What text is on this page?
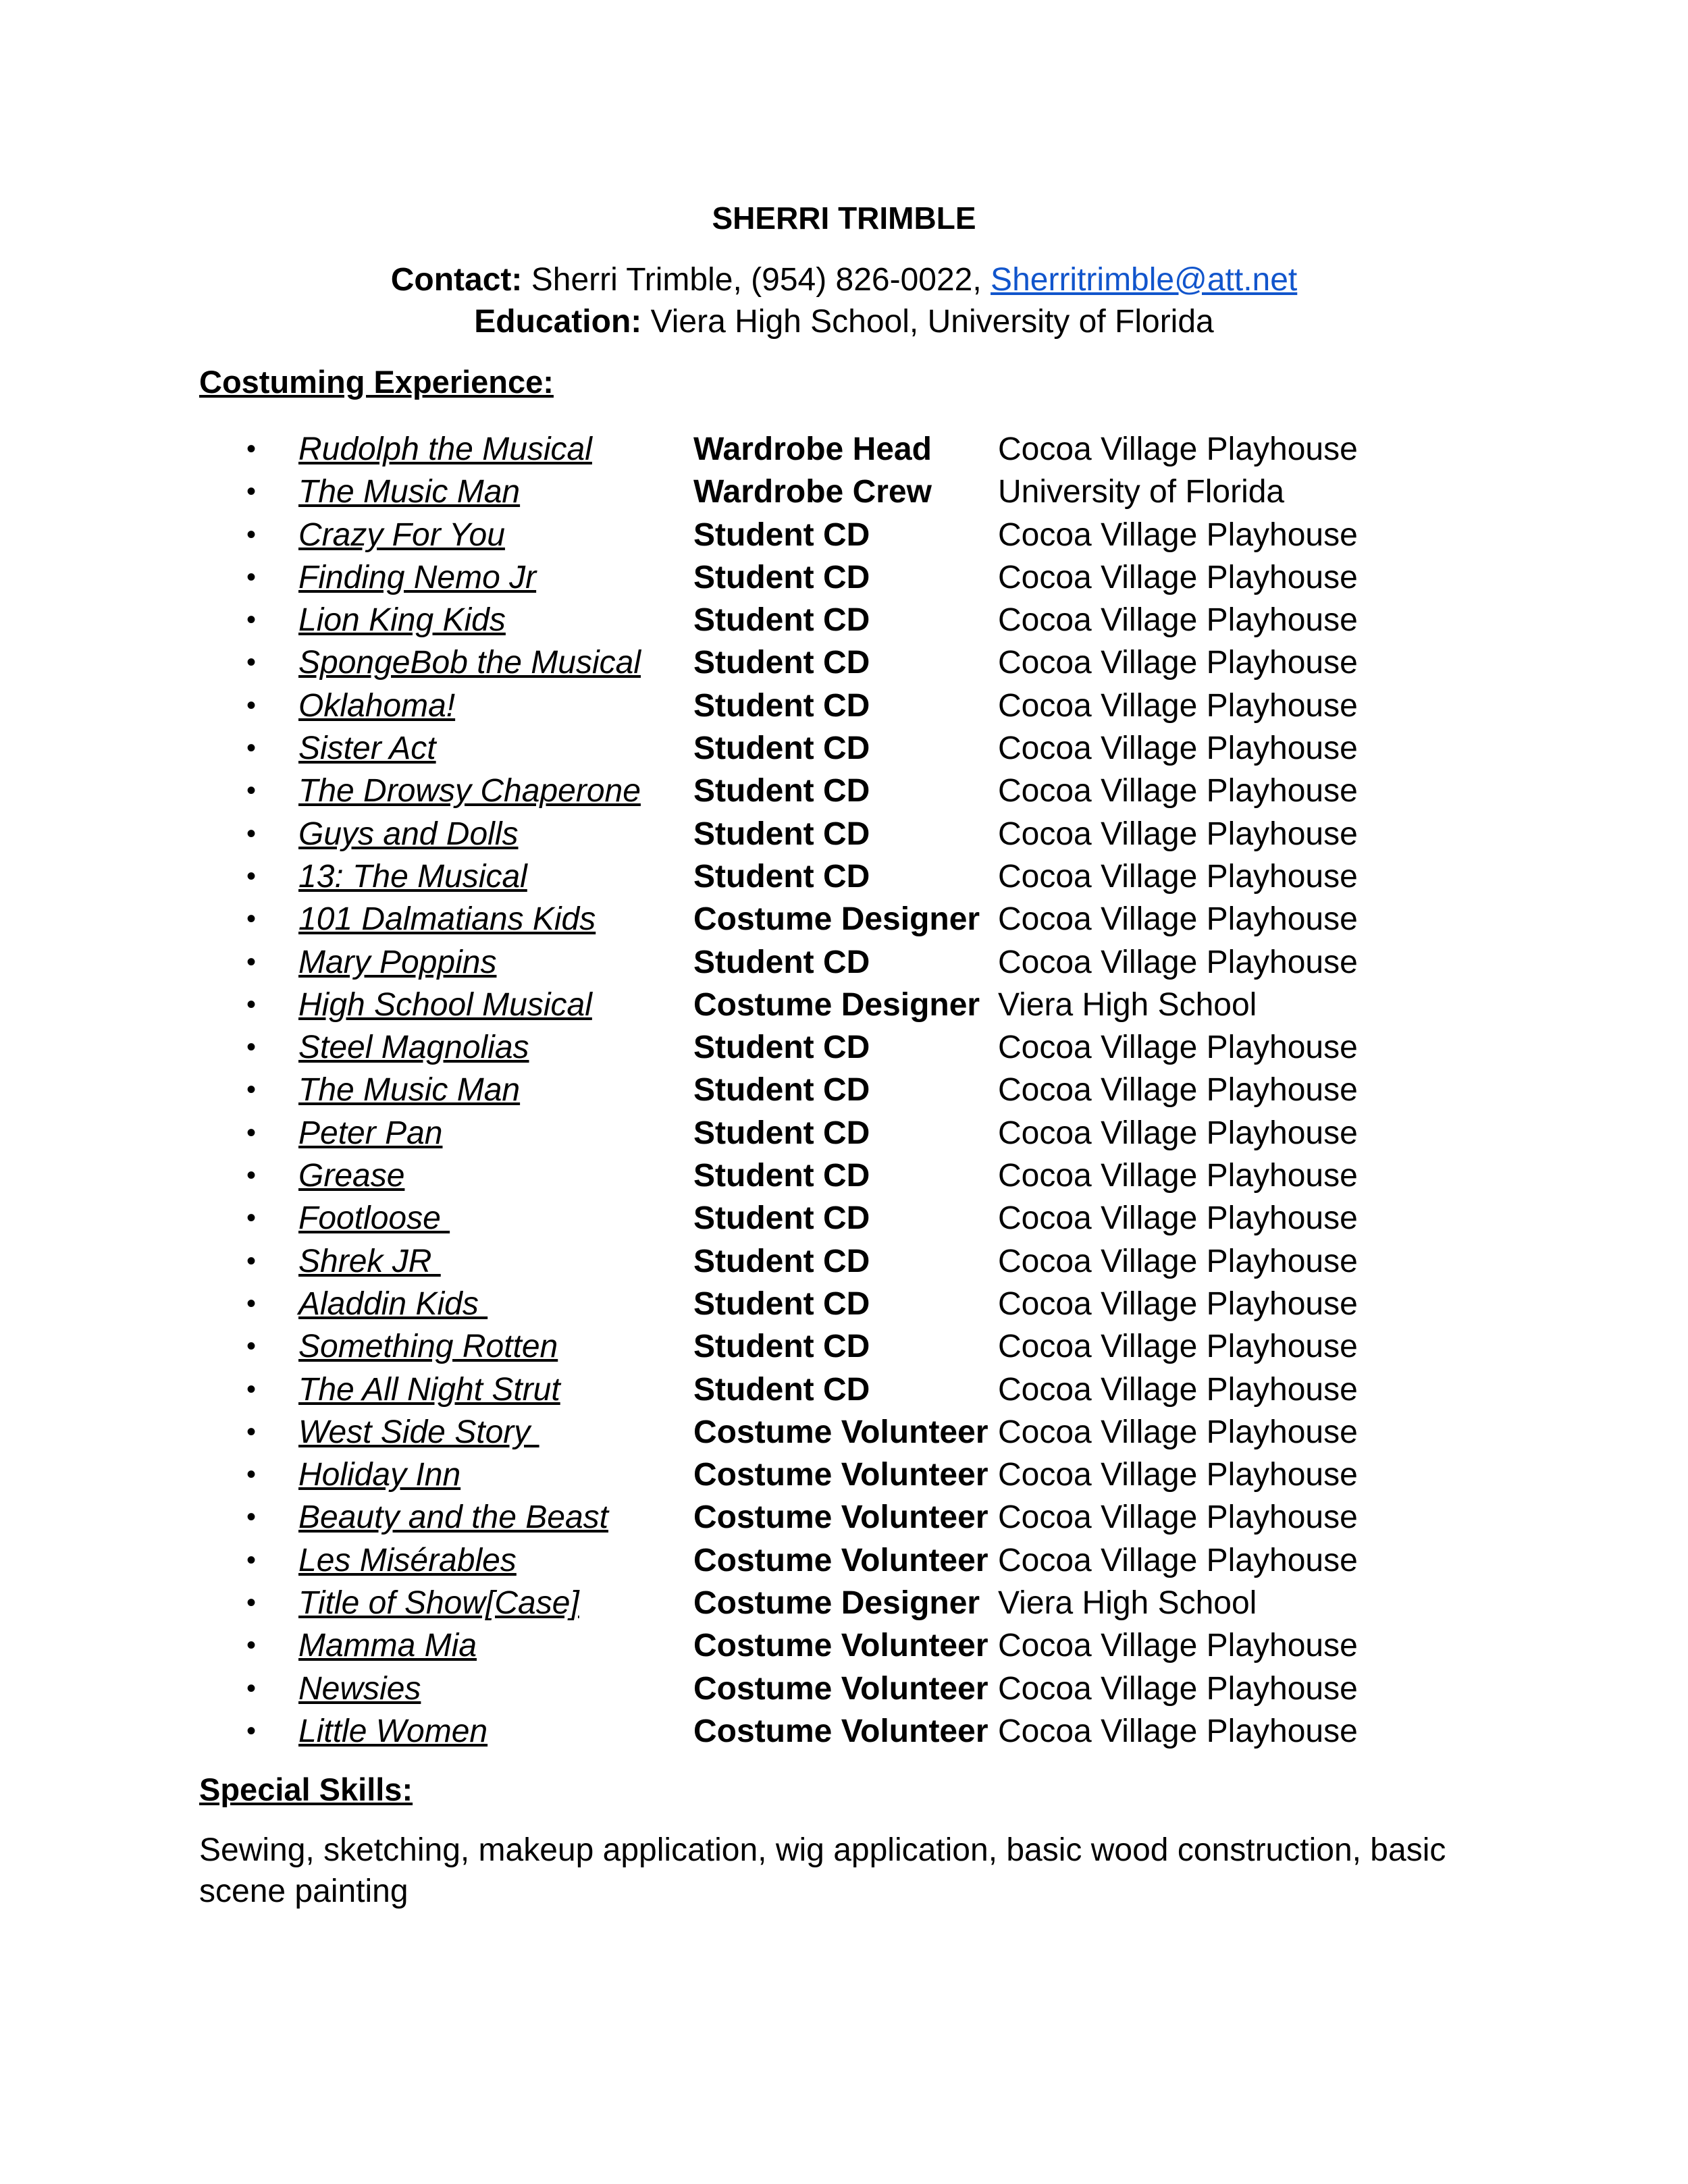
SHERRI TRIMBLE
Contact: Sherri Trimble, (954) 826-0022, Sherritrimble@att.net
Education: Viera High School, University of Florida
Costuming Experience:
• Rudolph the Musical	Wardrobe Head Cocoa Village Playhouse
• The Music Man	Wardrobe Crew University of Florida
• Crazy For You	Student CD	Cocoa Village Playhouse
• Finding Nemo Jr	Student CD	Cocoa Village Playhouse
• Lion King Kids	Student CD	Cocoa Village Playhouse
• SpongeBob the Musical Student CD	Cocoa Village Playhouse
• Oklahoma!	Student CD	Cocoa Village Playhouse
• Sister Act	Student CD	Cocoa Village Playhouse
• The Drowsy Chaperone Student CD	Cocoa Village Playhouse
• Guys and Dolls	Student CD	Cocoa Village Playhouse
• 13: The Musical	Student CD	Cocoa Village Playhouse
• 101 Dalmatians Kids	Costume Designer Cocoa Village Playhouse
• Mary Poppins	Student CD	Cocoa Village Playhouse
• High School Musical	Costume Designer Viera High School
• Steel Magnolias	Student CD	Cocoa Village Playhouse
• The Music Man	Student CD	Cocoa Village Playhouse
• Peter Pan	Student CD	Cocoa Village Playhouse
• Grease	Student CD	Cocoa Village Playhouse
• Footloose	Student CD	Cocoa Village Playhouse
• Shrek JR	Student CD	Cocoa Village Playhouse
• Aladdin Kids	Student CD	Cocoa Village Playhouse
• Something Rotten	Student CD	Cocoa Village Playhouse
• The All Night Strut	Student CD	Cocoa Village Playhouse
• West Side Story	Costume Volunteer Cocoa Village Playhouse
• Holiday Inn	Costume Volunteer Cocoa Village Playhouse
• Beauty and the Beast	Costume Volunteer Cocoa Village Playhouse
• Les Misérables	Costume Volunteer Cocoa Village Playhouse
• Title of Show[Case]	Costume Designer Viera High School
• Mamma Mia	Costume Volunteer Cocoa Village Playhouse
• Newsies	Costume Volunteer Cocoa Village Playhouse
• Little Women	Costume Volunteer Cocoa Village Playhouse
Special Skills:
Sewing, sketching, makeup application, wig application, basic wood construction, basic scene painting
